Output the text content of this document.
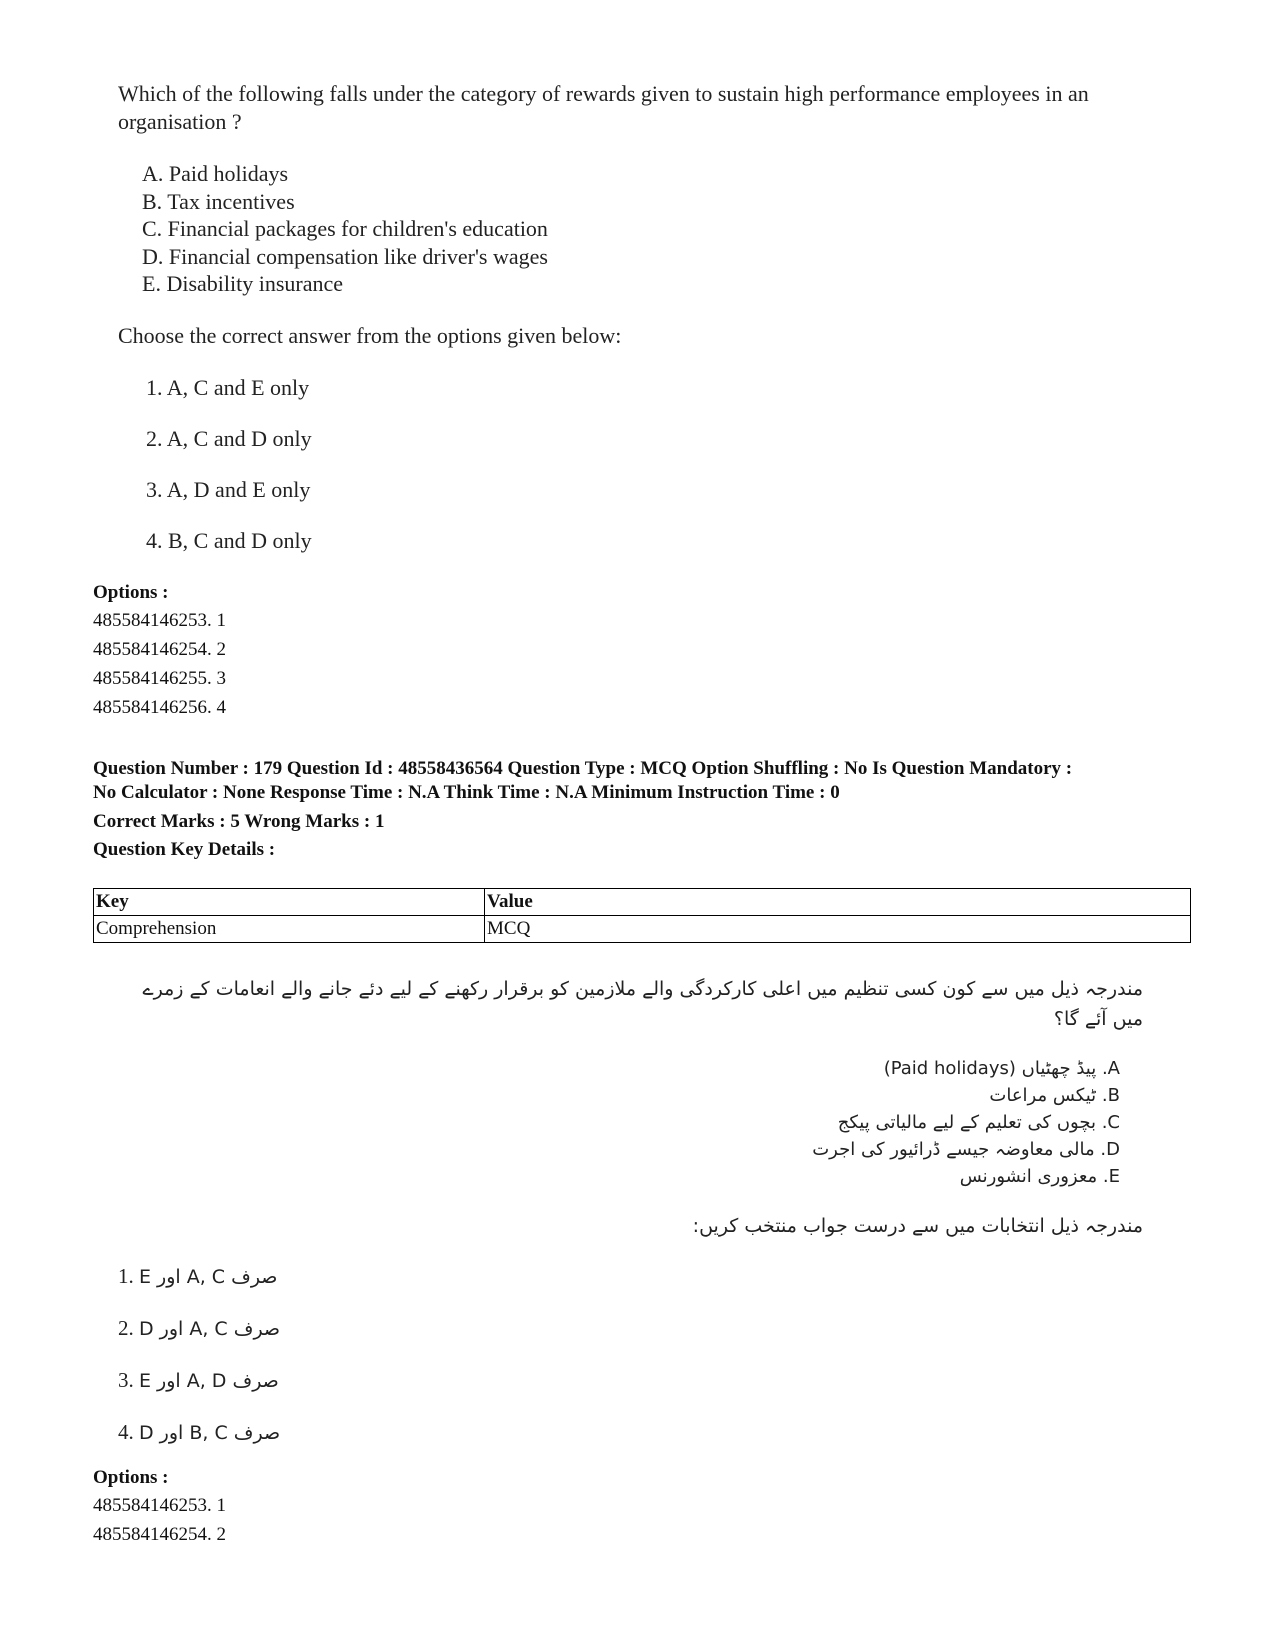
Which of the following falls under the category of rewards given to sustain high performance employees in an organisation ?
A. Paid holidays
B. Tax incentives
C. Financial packages for children's education
D. Financial compensation like driver's wages
E. Disability insurance
Choose the correct answer from the options given below:
1. A, C and E only
2. A, C and D only
3. A, D and E only
4. B, C and D only
Options :
485584146253. 1
485584146254. 2
485584146255. 3
485584146256. 4
Question Number : 179 Question Id : 48558436564 Question Type : MCQ Option Shuffling : No Is Question Mandatory :
No Calculator : None Response Time : N.A Think Time : N.A Minimum Instruction Time : 0
Correct Marks : 5 Wrong Marks : 1
Question Key Details :
Key	Value
Comprehension	MCQ
مندرجہ ذیل میں سے کون کسی تنظیم میں اعلی کارکردگی والے ملازمین کو برقرار رکھنے کے لیے دئے جانے والے انعامات کے زمرے میں آئے گا؟
A. پیڈ چھٹیاں (Paid holidays)
B. ٹیکس مراعات
C. بچوں کی تعلیم کے لیے مالیاتی پیکج
D. مالی معاوضہ جیسے ڈرائیور کی اجرت
E. معزوری انشورنس
مندرجہ ذیل انتخابات میں سے درست جواب منتخب کریں:
1. صرف A, C اور E
2. صرف A, C اور D
3. صرف A, D اور E
4. صرف B, C اور D
Options :
485584146253. 1
485584146254. 2
